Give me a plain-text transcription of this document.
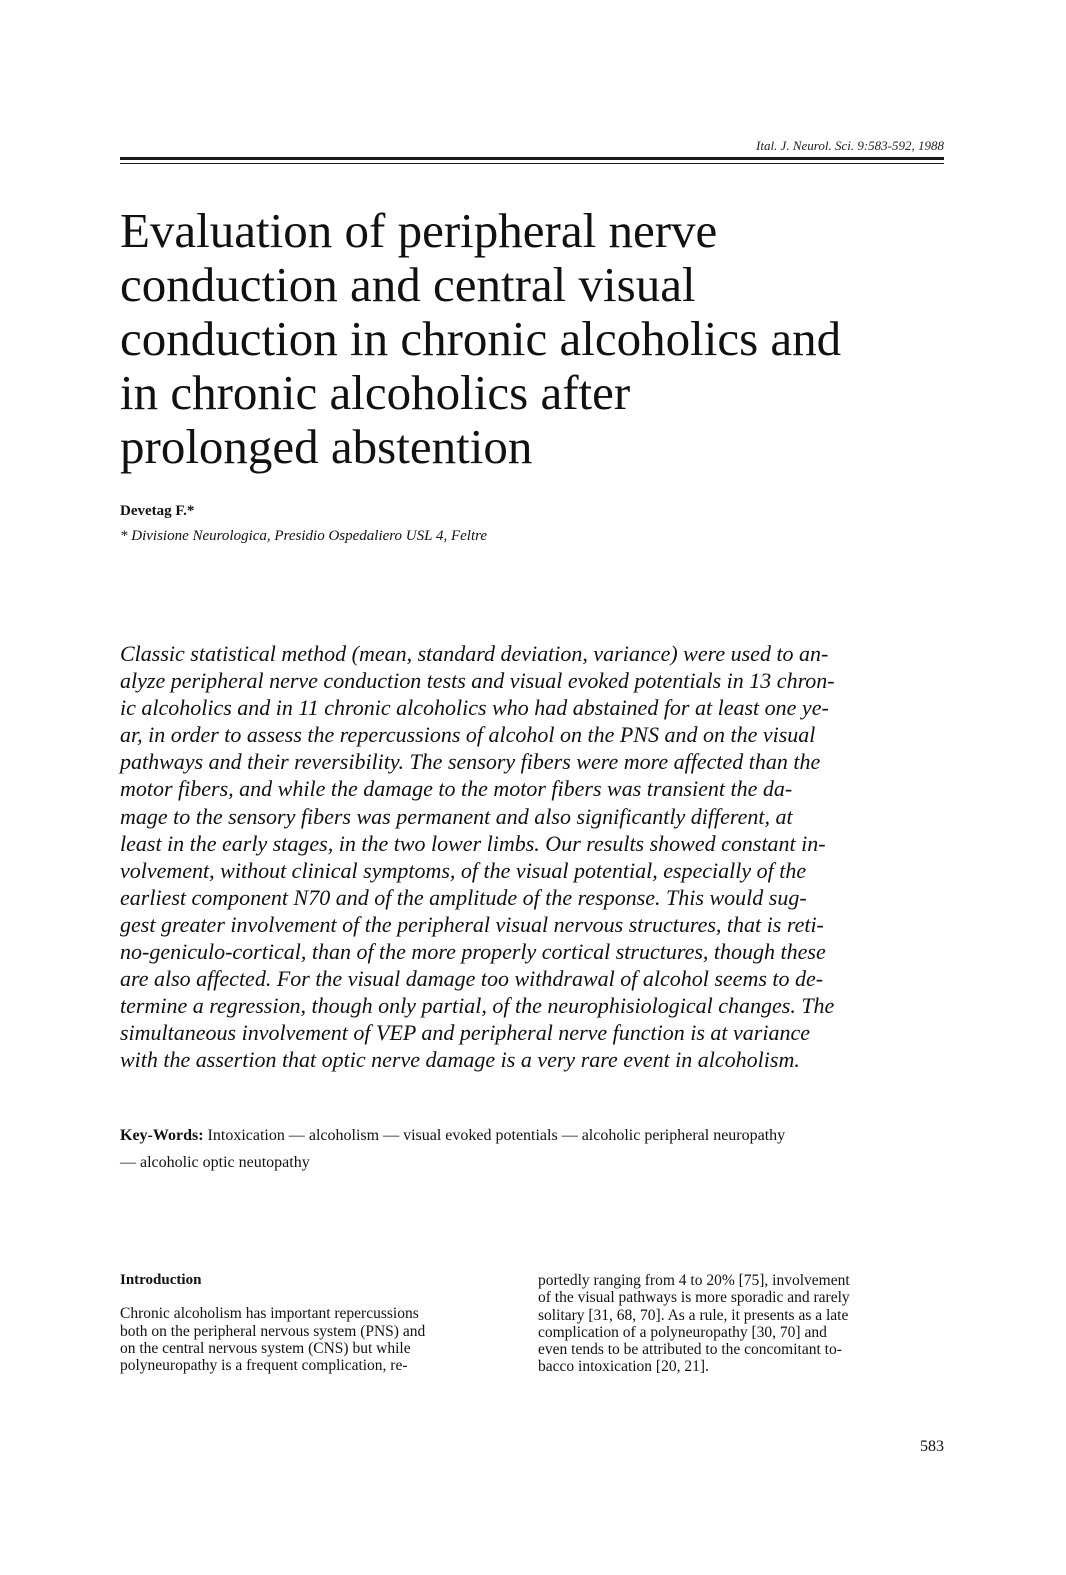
Ital. J. Neurol. Sci. 9:583-592, 1988
Evaluation of peripheral nerve
conduction and central visual
conduction in chronic alcoholics and
in chronic alcoholics after
prolonged abstention
Devetag F.*
* Divisione Neurologica, Presidio Ospedaliero USL 4, Feltre
Classic statistical method (mean, standard deviation, variance) were used to an-
alyze peripheral nerve conduction tests and visual evoked potentials in 13 chron-
ic alcoholics and in 11 chronic alcoholics who had abstained for at least one ye-
ar, in order to assess the repercussions of alcohol on the PNS and on the visual
pathways and their reversibility. The sensory fibers were more affected than the
motor fibers, and while the damage to the motor fibers was transient the da-
mage to the sensory fibers was permanent and also significantly different, at
least in the early stages, in the two lower limbs. Our results showed constant in-
volvement, without clinical symptoms, of the visual potential, especially of the
earliest component N70 and of the amplitude of the response. This would sug-
gest greater involvement of the peripheral visual nervous structures, that is reti-
no-geniculo-cortical, than of the more properly cortical structures, though these
are also affected. For the visual damage too withdrawal of alcohol seems to de-
termine a regression, though only partial, of the neurophisiological changes. The
simultaneous involvement of VEP and peripheral nerve function is at variance
with the assertion that optic nerve damage is a very rare event in alcoholism.
Key-Words: Intoxication — alcoholism — visual evoked potentials — alcoholic peripheral neuropathy
— alcoholic optic neutopathy
Introduction
Chronic alcoholism has important repercussions
both on the peripheral nervous system (PNS) and
on the central nervous system (CNS) but while
polyneuropathy is a frequent complication, re-
portedly ranging from 4 to 20% [75], involvement
of the visual pathways is more sporadic and rarely
solitary [31, 68, 70]. As a rule, it presents as a late
complication of a polyneuropathy [30, 70] and
even tends to be attributed to the concomitant to-
bacco intoxication [20, 21].
583
